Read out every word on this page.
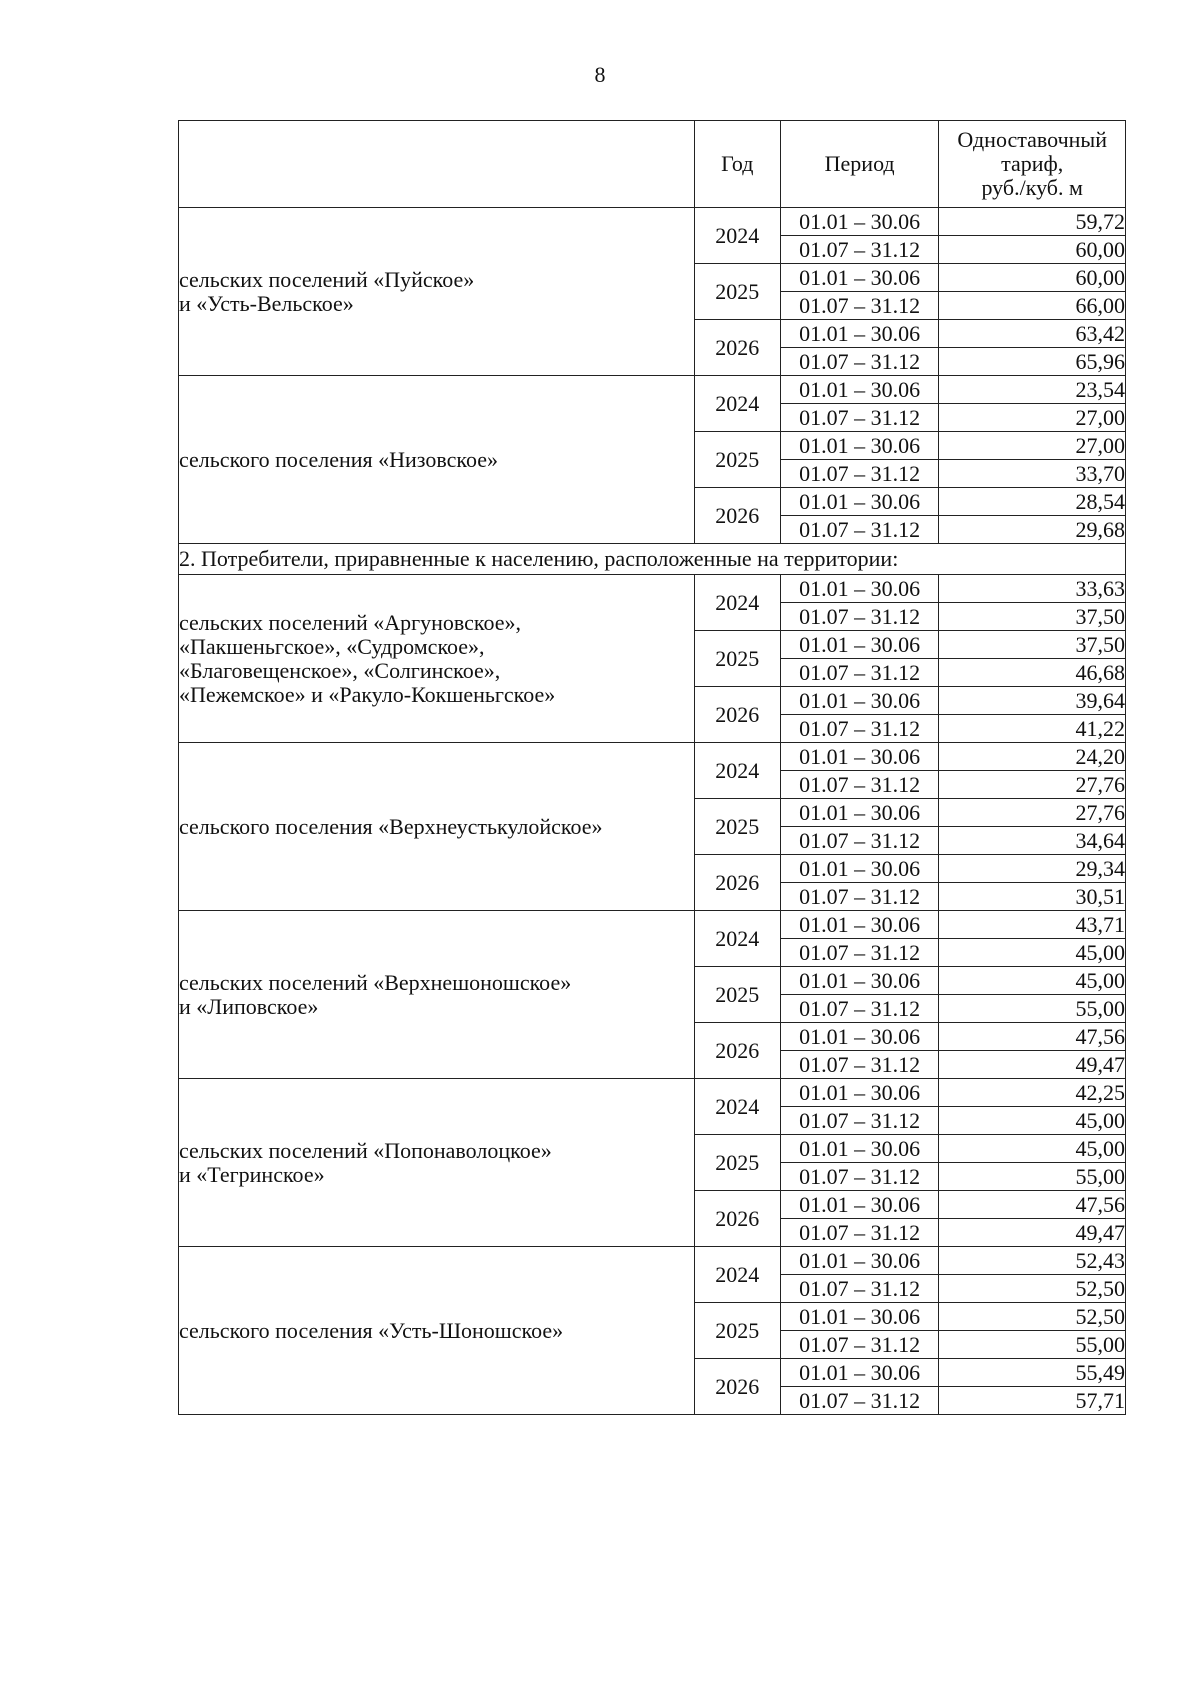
8
	Год	Период	Одноставочный
тариф,
руб./куб. м

сельских поселений «Пуйское»
и «Усть-Вельское»	2024	01.01 – 30.06	59,72
		01.07 – 31.12	60,00
	2025	01.01 – 30.06	60,00
		01.07 – 31.12	66,00
	2026	01.01 – 30.06	63,42
		01.07 – 31.12	65,96

сельского поселения «Низовское»	2024	01.01 – 30.06	23,54
		01.07 – 31.12	27,00
	2025	01.01 – 30.06	27,00
		01.07 – 31.12	33,70
	2026	01.01 – 30.06	28,54
		01.07 – 31.12	29,68
2. Потребители, приравненные к населению, расположенные на территории:			

сельских поселений «Аргуновское»,
«Пакшеньгское», «Судромское»,
«Благовещенское», «Солгинское»,
«Пежемское» и «Ракуло-Кокшеньгское»	2024	01.01 – 30.06	33,63
		01.07 – 31.12	37,50
	2025	01.01 – 30.06	37,50
		01.07 – 31.12	46,68
	2026	01.01 – 30.06	39,64
		01.07 – 31.12	41,22

сельского поселения «Верхнеустькулойское»	2024	01.01 – 30.06	24,20
		01.07 – 31.12	27,76
	2025	01.01 – 30.06	27,76
		01.07 – 31.12	34,64
	2026	01.01 – 30.06	29,34
		01.07 – 31.12	30,51

сельских поселений «Верхнешоношское»
и «Липовское»	2024	01.01 – 30.06	43,71
		01.07 – 31.12	45,00
	2025	01.01 – 30.06	45,00
		01.07 – 31.12	55,00
	2026	01.01 – 30.06	47,56
		01.07 – 31.12	49,47

сельских поселений «Попонаволоцкое»
и «Тегринское»	2024	01.01 – 30.06	42,25
		01.07 – 31.12	45,00
	2025	01.01 – 30.06	45,00
		01.07 – 31.12	55,00
	2026	01.01 – 30.06	47,56
		01.07 – 31.12	49,47

сельского поселения «Усть-Шоношское»	2024	01.01 – 30.06	52,43
		01.07 – 31.12	52,50
	2025	01.01 – 30.06	52,50
		01.07 – 31.12	55,00
	2026	01.01 – 30.06	55,49
		01.07 – 31.12	57,71
